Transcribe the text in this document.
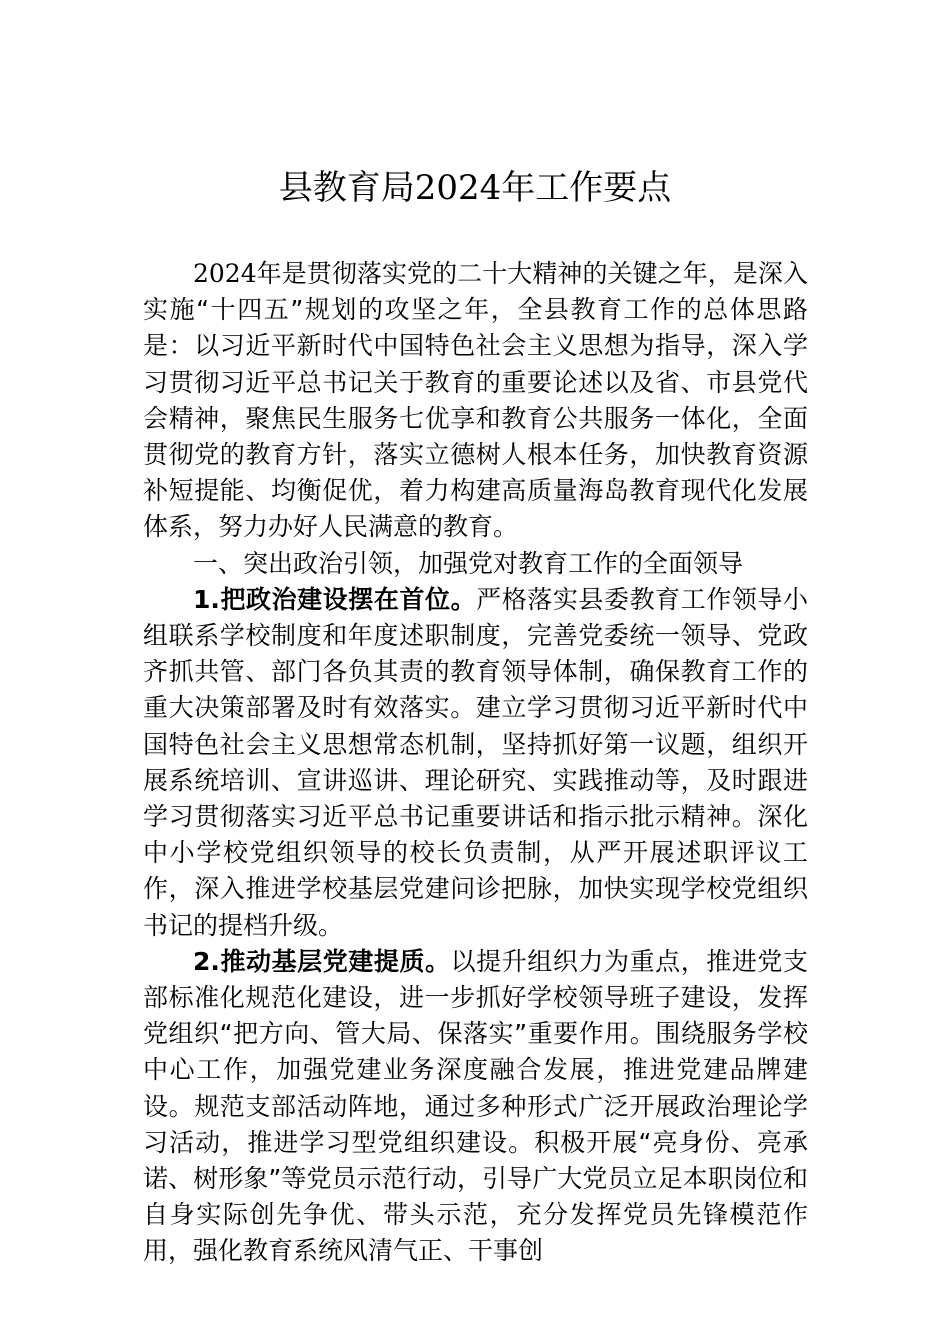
县教育局2024年工作要点

2024年是贯彻落实党的二十大精神的关键之年，是深入实施“十四五”规划的攻坚之年，全县教育工作的总体思路是：以习近平新时代中国特色社会主义思想为指导，深入学习贯彻习近平总书记关于教育的重要论述以及省、市县党代会精神，聚焦民生服务七优享和教育公共服务一体化，全面贯彻党的教育方针，落实立德树人根本任务，加快教育资源补短提能、均衡促优，着力构建高质量海岛教育现代化发展体系，努力办好人民满意的教育。

一、突出政治引领，加强党对教育工作的全面领导

1.把政治建设摆在首位。严格落实县委教育工作领导小组联系学校制度和年度述职制度，完善党委统一领导、党政齐抓共管、部门各负其责的教育领导体制，确保教育工作的重大决策部署及时有效落实。建立学习贯彻习近平新时代中国特色社会主义思想常态机制，坚持抓好第一议题，组织开展系统培训、宣讲巡讲、理论研究、实践推动等，及时跟进学习贯彻落实习近平总书记重要讲话和指示批示精神。深化中小学校党组织领导的校长负责制，从严开展述职评议工作，深入推进学校基层党建问诊把脉，加快实现学校党组织书记的提档升级。

2.推动基层党建提质。以提升组织力为重点，推进党支部标准化规范化建设，进一步抓好学校领导班子建设，发挥党组织“把方向、管大局、保落实”重要作用。围绕服务学校中心工作，加强党建业务深度融合发展，推进党建品牌建设。规范支部活动阵地，通过多种形式广泛开展政治理论学习活动，推进学习型党组织建设。积极开展“亮身份、亮承诺、树形象”等党员示范行动，引导广大党员立足本职岗位和自身实际创先争优、带头示范，充分发挥党员先锋模范作用，强化教育系统风清气正、干事创
